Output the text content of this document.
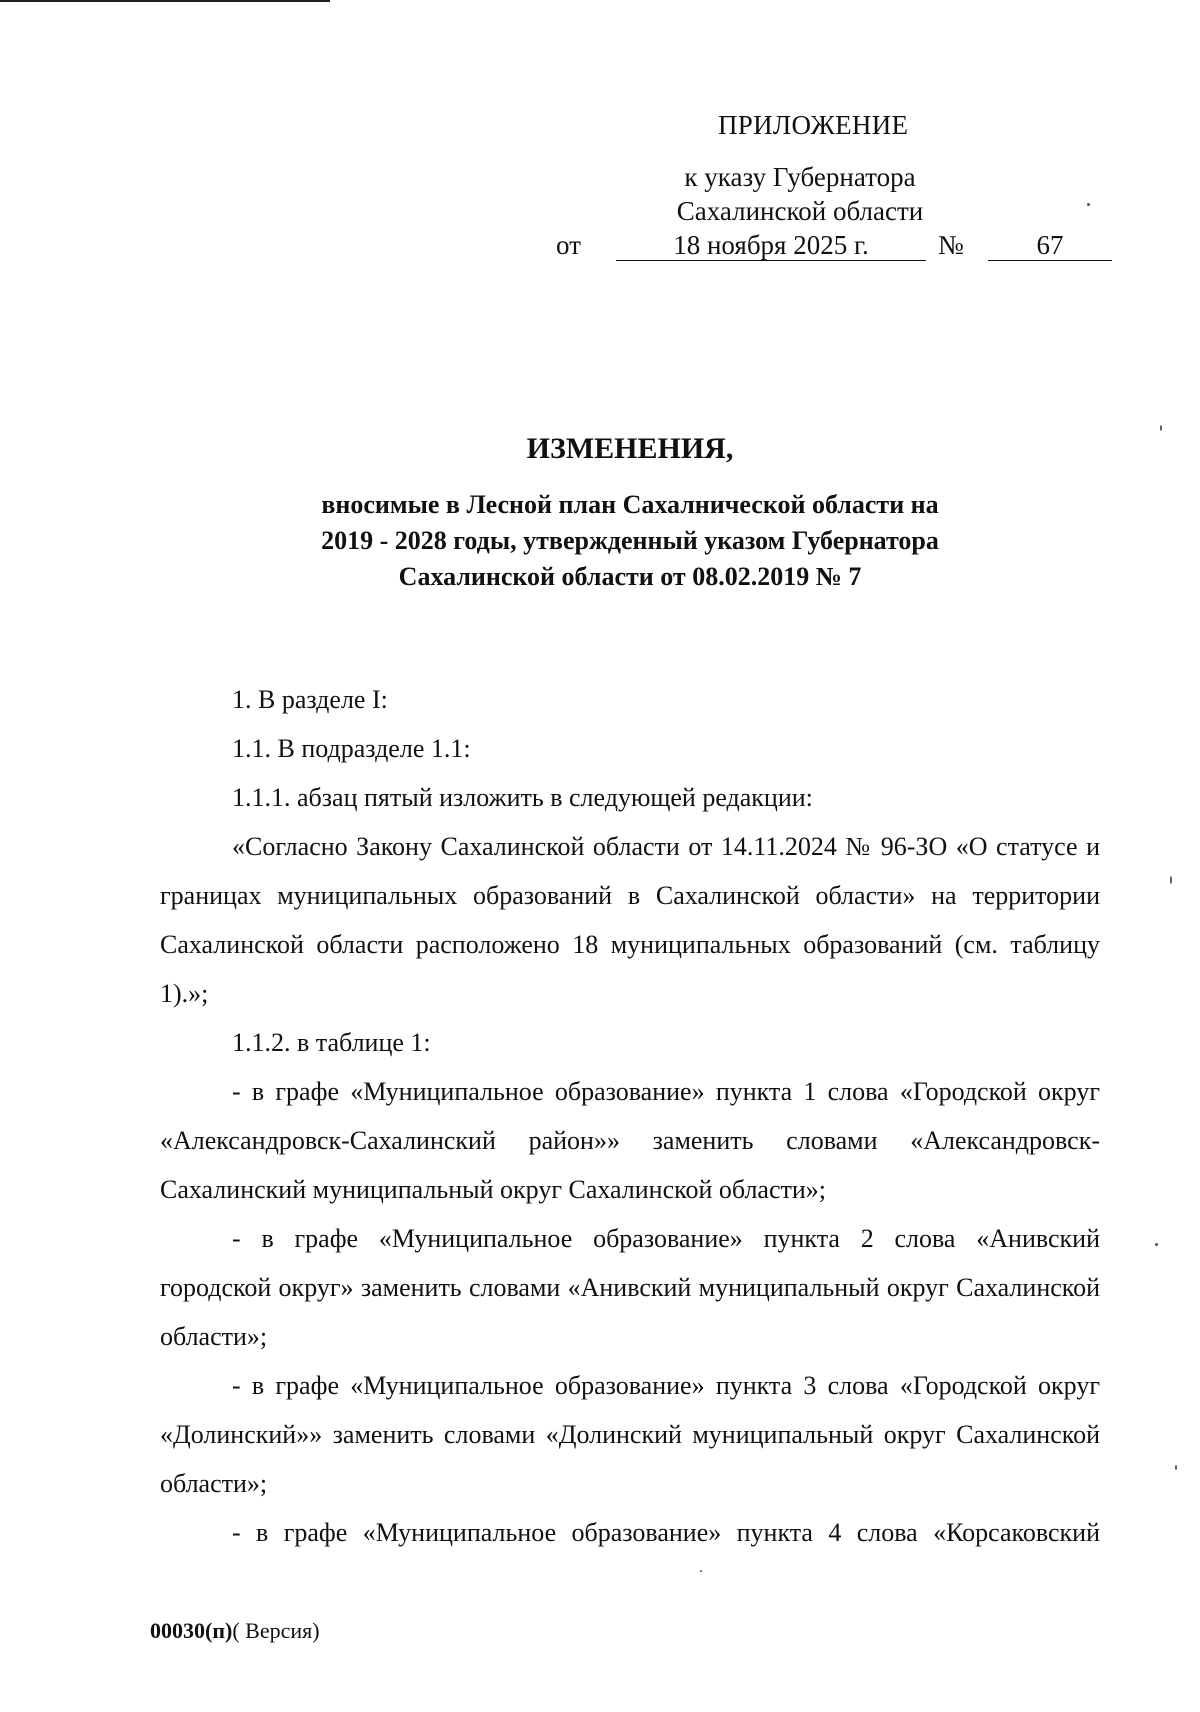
ПРИЛОЖЕНИЕ
к указу Губернатора
Сахалинской области
от	18 ноября 2025 г.	№	67
ИЗМЕНЕНИЯ,
вносимые в Лесной план Сахалнической области на
2019 - 2028 годы, утвержденный указом Губернатора
Сахалинской области от 08.02.2019 № 7

1. В разделе I:

1.1. В подразделе 1.1:

1.1.1. абзац пятый изложить в следующей редакции:

«Согласно Закону Сахалинской области от 14.11.2024 № 96-ЗО «О статусе и границах муниципальных образований в Сахалинской области» на территории Сахалинской области расположено 18 муниципальных образований (см. таблицу 1).»;

1.1.2. в таблице 1:

- в графе «Муниципальное образование» пункта 1 слова «Городской округ «Александровск-Сахалинский район»» заменить словами «Александровск-Сахалинский муниципальный округ Сахалинской области»;

- в графе «Муниципальное образование» пункта 2 слова «Анивский городской округ» заменить словами «Анивский муниципальный округ Сахалинской области»;

- в графе «Муниципальное образование» пункта 3 слова «Городской округ «Долинский»» заменить словами «Долинский муниципальный округ Сахалинской области»;

- в графе «Муниципальное образование» пункта 4 слова «Корсаковский

00030(п)( Версия)
